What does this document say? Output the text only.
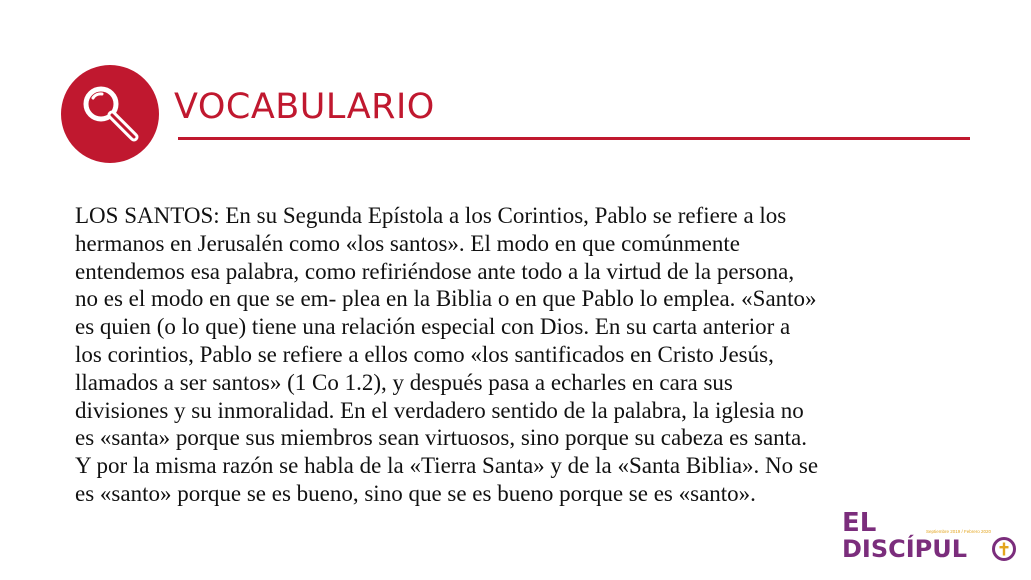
VOCABULARIO
LOS SANTOS: En su Segunda Epístola a los Corintios, Pablo se refiere a los
hermanos en Jerusalén como «los santos». El modo en que comúnmente
entendemos esa palabra, como refiriéndose ante todo a la virtud de la persona,
no es el modo en que se em- plea en la Biblia o en que Pablo lo emplea. «Santo»
es quien (o lo que) tiene una relación especial con Dios. En su carta anterior a
los corintios, Pablo se refiere a ellos como «los santificados en Cristo Jesús,
llamados a ser santos» (1 Co 1.2), y después pasa a echarles en cara sus
divisiones y su inmoralidad. En el verdadero sentido de la palabra, la iglesia no
es «santa» porque sus miembros sean virtuosos, sino porque su cabeza es santa.
Y por la misma razón se habla de la «Tierra Santa» y de la «Santa Biblia». No se
es «santo» porque se es bueno, sino que se es bueno porque se es «santo».
EL	Septiembre 2019 / Febrero 2020
DISCÍPUL
